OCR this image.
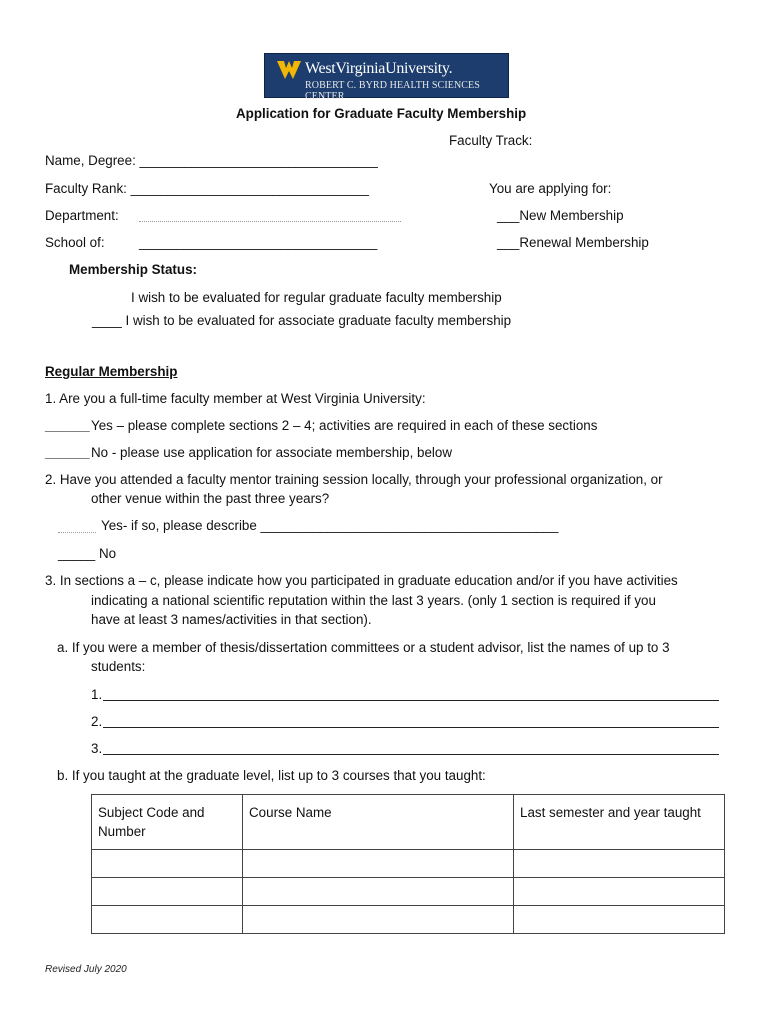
WestVirginiaUniversity.
ROBERT C. BYRD HEALTH SCIENCES CENTER
Application for Graduate Faculty Membership
Faculty Track:
Name, Degree: ________________________________
Faculty Rank: ________________________________
Department:
School of:	________________________________
You are applying for:
___New Membership
___Renewal Membership
Membership Status:
I wish to be evaluated for regular graduate faculty membership
____ I wish to be evaluated for associate graduate faculty membership
Regular Membership
1. Are you a full-time faculty member at West Virginia University:
______ Yes – please complete sections 2 – 4; activities are required in each of these sections
______ No - please use application for associate membership, below
2. Have you attended a faculty mentor training session locally, through your professional organization, or
other venue within the past three years?
Yes- if so, please describe ________________________________________
_____ No
3. In sections a – c, please indicate how you participated in graduate education and/or if you have activities
indicating a national scientific reputation within the last 3 years. (only 1 section is required if you
have at least 3 names/activities in that section).
a. If you were a member of thesis/dissertation committees or a student advisor, list the names of up to 3
students:
1.
2.
3.
b. If you taught at the graduate level, list up to 3 courses that you taught:
Subject Code and Number	Course Name	Last semester and year taught

Revised July 2020
